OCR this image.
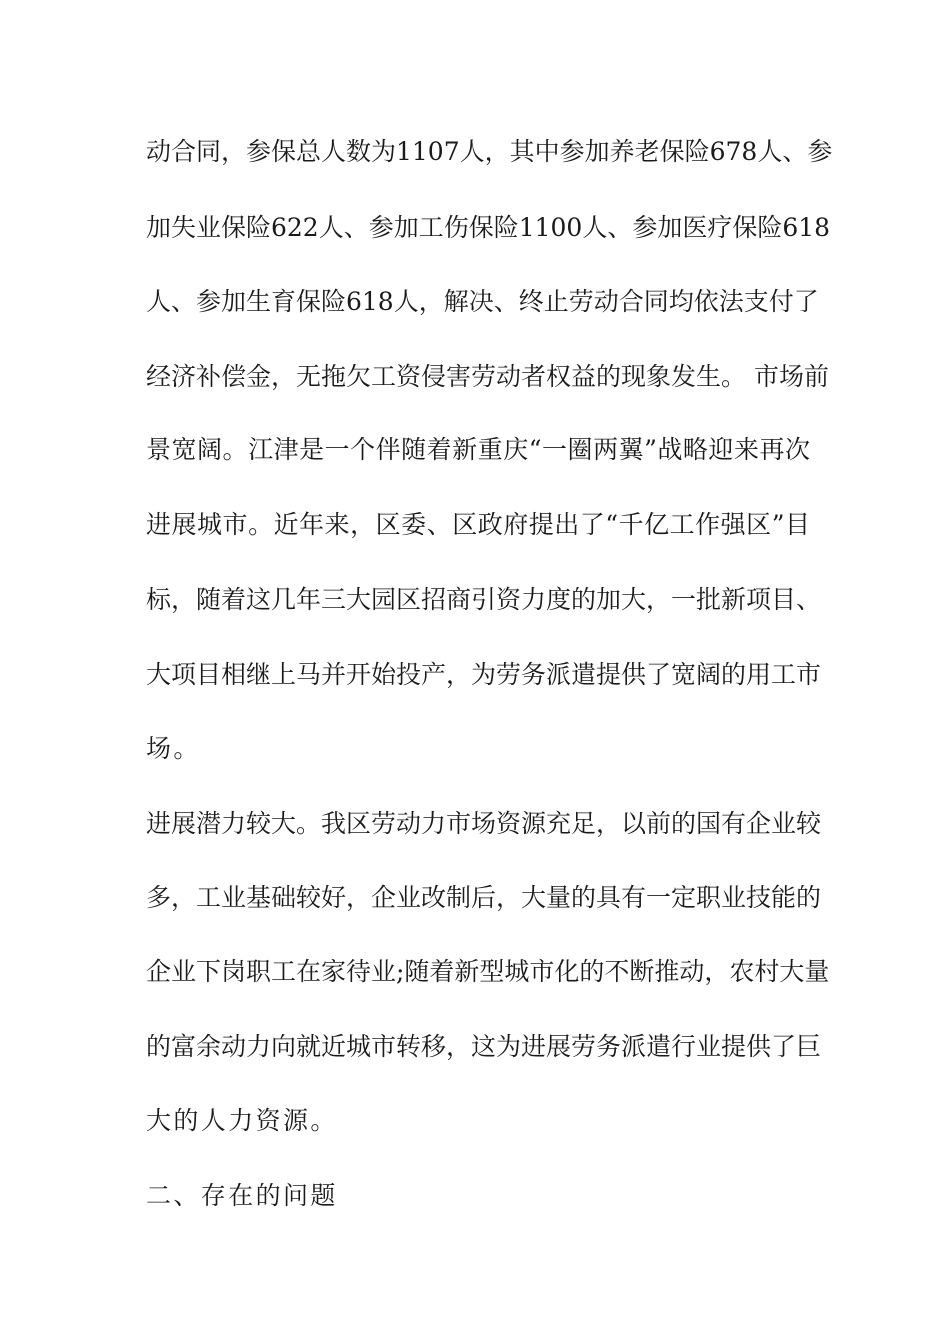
动合同，参保总人数为1107人，其中参加养老保险678人、参
加失业保险622人、参加工伤保险1100人、参加医疗保险618
人、参加生育保险618人，解决、终止劳动合同均依法支付了
经济补偿金，无拖欠工资侵害劳动者权益的现象发生。 市场前
景宽阔。江津是一个伴随着新重庆“一圈两翼”战略迎来再次
进展城市。近年来，区委、区政府提出了“千亿工作强区”目
标，随着这几年三大园区招商引资力度的加大，一批新项目、
大项目相继上马并开始投产，为劳务派遣提供了宽阔的用工市
场。
进展潜力较大。我区劳动力市场资源充足，以前的国有企业较
多，工业基础较好，企业改制后，大量的具有一定职业技能的
企业下岗职工在家待业;随着新型城市化的不断推动，农村大量
的富余动力向就近城市转移，这为进展劳务派遣行业提供了巨
大的人力资源。
二、存在的问题
